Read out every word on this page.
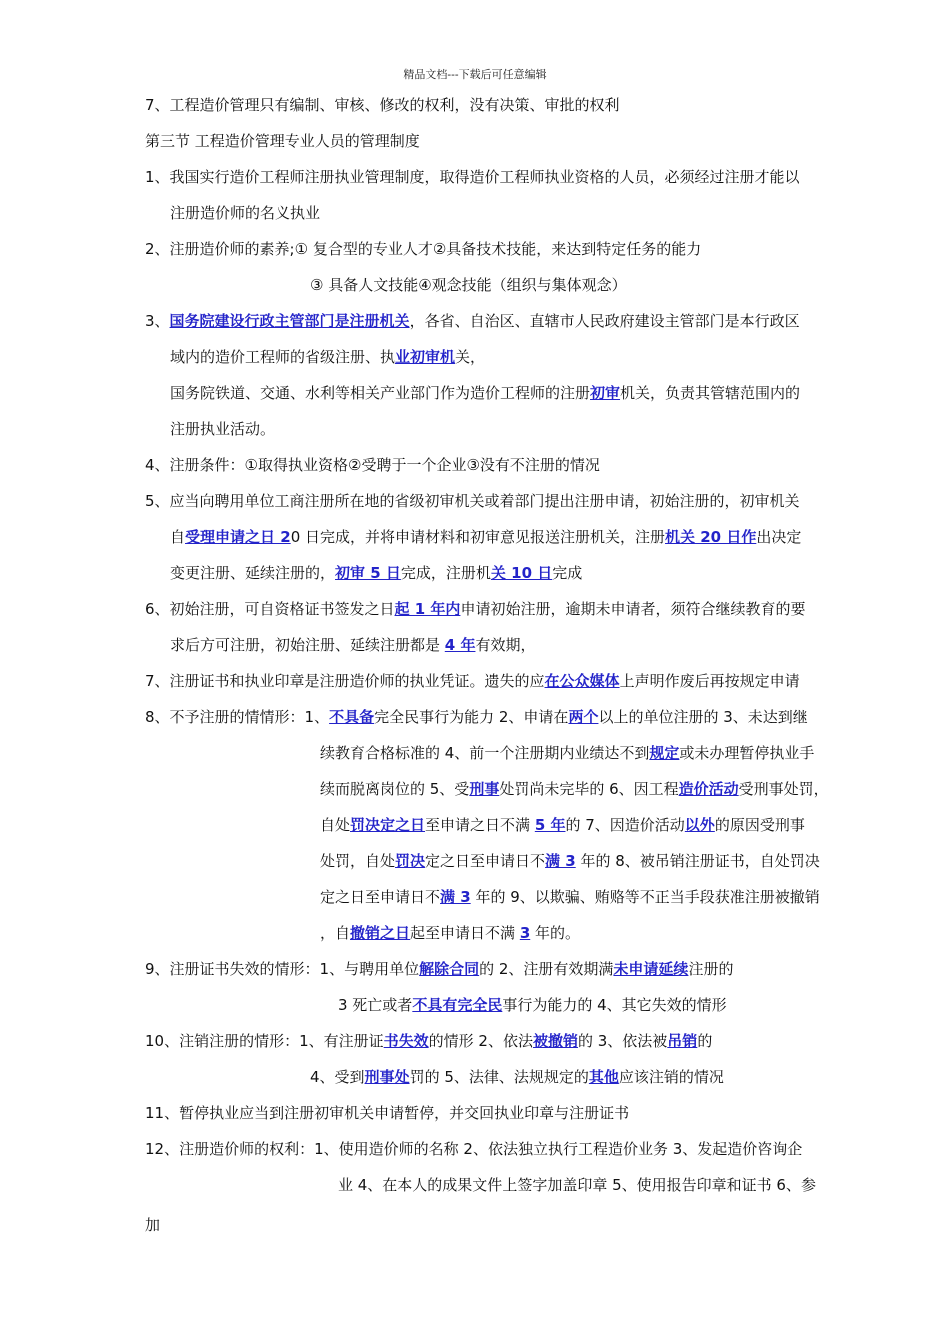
精品文档---下载后可任意编辑
7、工程造价管理只有编制、审核、修改的权利，没有决策、审批的权利
第三节 工程造价管理专业人员的管理制度
1、我国实行造价工程师注册执业管理制度，取得造价工程师执业资格的人员，必须经过注册才能以
注册造价师的名义执业
2、注册造价师的素养;① 复合型的专业人才②具备技术技能，来达到特定任务的能力
③ 具备人文技能④观念技能（组织与集体观念）
3、国务院建设行政主管部门是注册机关，各省、自治区、直辖市人民政府建设主管部门是本行政区
域内的造价工程师的省级注册、执业初审机关，
国务院铁道、交通、水利等相关产业部门作为造价工程师的注册初审机关，负责其管辖范围内的
注册执业活动。
4、注册条件：①取得执业资格②受聘于一个企业③没有不注册的情况
5、应当向聘用单位工商注册所在地的省级初审机关或着部门提出注册申请，初始注册的，初审机关
自受理申请之日 20 日完成，并将申请材料和初审意见报送注册机关，注册机关 20 日作出决定
变更注册、延续注册的，初审 5 日完成，注册机关 10 日完成
6、初始注册，可自资格证书签发之日起 1 年内申请初始注册，逾期未申请者，须符合继续教育的要
求后方可注册，初始注册、延续注册都是 4 年有效期，
7、注册证书和执业印章是注册造价师的执业凭证。遗失的应在公众媒体上声明作废后再按规定申请
8、不予注册的情情形：1、不具备完全民事行为能力 2、申请在两个以上的单位注册的 3、未达到继
续教育合格标准的 4、前一个注册期内业绩达不到规定或未办理暂停执业手
续而脱离岗位的 5、受刑事处罚尚未完毕的 6、因工程造价活动受刑事处罚，
自处罚决定之日至申请之日不满 5 年的 7、因造价活动以外的原因受刑事
处罚，自处罚决定之日至申请日不满 3 年的 8、被吊销注册证书，自处罚决
定之日至申请日不满 3 年的 9、以欺骗、贿赂等不正当手段获准注册被撤销
，自撤销之日起至申请日不满 3 年的。
9、注册证书失效的情形：1、与聘用单位解除合同的 2、注册有效期满未申请延续注册的
3 死亡或者不具有完全民事行为能力的 4、其它失效的情形
10、注销注册的情形：1、有注册证书失效的情形 2、依法被撤销的 3、依法被吊销的
4、受到刑事处罚的 5、法律、法规规定的其他应该注销的情况
11、暂停执业应当到注册初审机关申请暂停，并交回执业印章与注册证书
12、注册造价师的权利：1、使用造价师的名称 2、依法独立执行工程造价业务 3、发起造价咨询企
业 4、在本人的成果文件上签字加盖印章 5、使用报告印章和证书 6、参
加
